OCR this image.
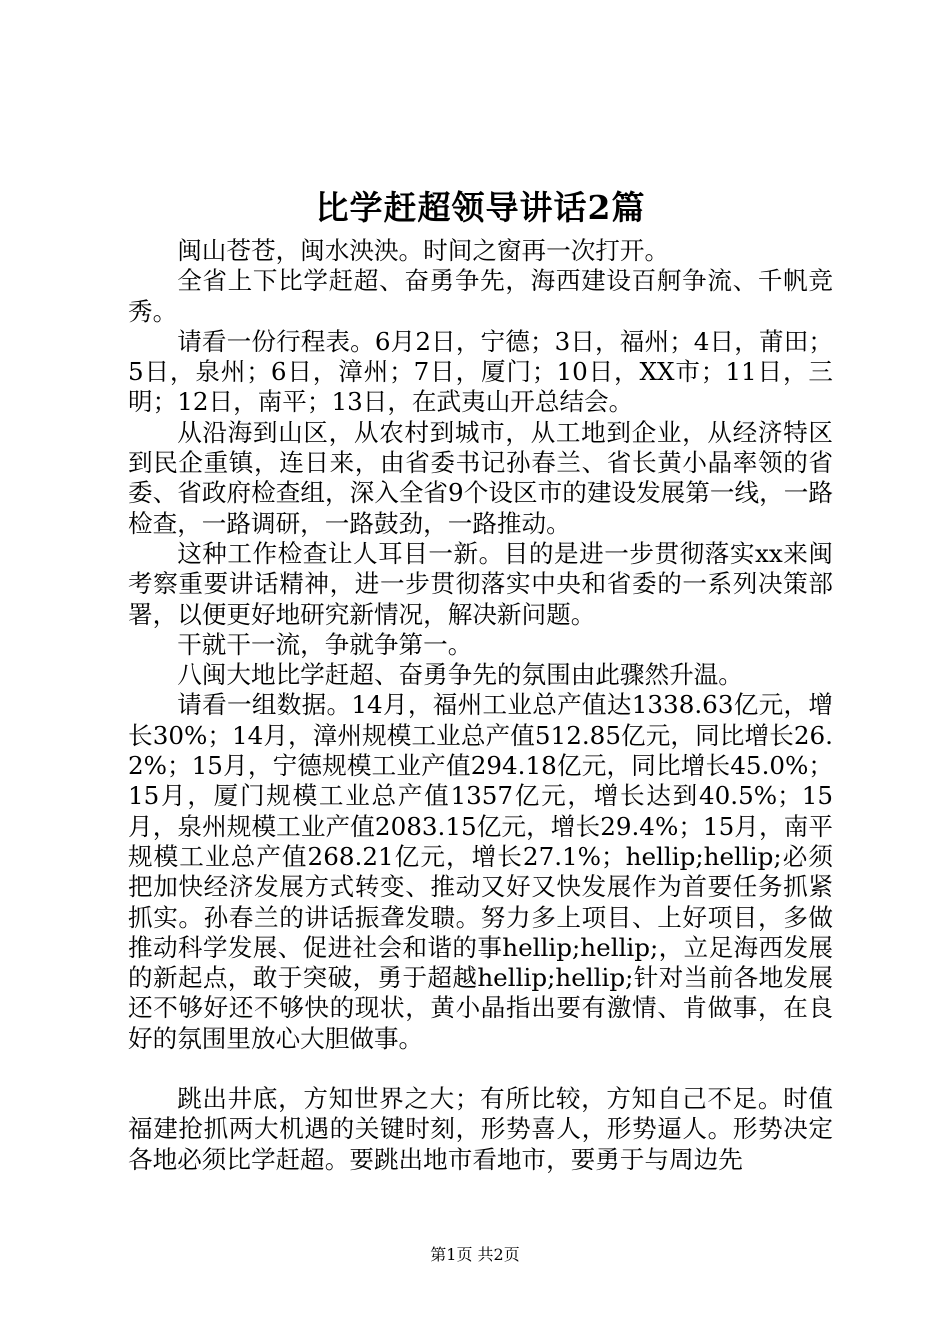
比学赶超领导讲话2篇

闽山苍苍，闽水泱泱。时间之窗再一次打开。

全省上下比学赶超、奋勇争先，海西建设百舸争流、千帆竞秀。

请看一份行程表。6月2日，宁德；3日，福州；4日，莆田；5日，泉州；6日，漳州；7日，厦门；10日，XX市；11日，三明；12日，南平；13日，在武夷山开总结会。

从沿海到山区，从农村到城市，从工地到企业，从经济特区到民企重镇，连日来，由省委书记孙春兰、省长黄小晶率领的省委、省政府检查组，深入全省9个设区市的建设发展第一线，一路检查，一路调研，一路鼓劲，一路推动。

这种工作检查让人耳目一新。目的是进一步贯彻落实xx来闽考察重要讲话精神，进一步贯彻落实中央和省委的一系列决策部署，以便更好地研究新情况，解决新问题。

干就干一流，争就争第一。

八闽大地比学赶超、奋勇争先的氛围由此骤然升温。

请看一组数据。14月，福州工业总产值达1338.63亿元，增长30%；14月，漳州规模工业总产值512.85亿元，同比增长26.2%；15月，宁德规模工业产值294.18亿元，同比增长45.0%；15月，厦门规模工业总产值1357亿元，增长达到40.5%；15月，泉州规模工业产值2083.15亿元，增长29.4%；15月，南平规模工业总产值268.21亿元，增长27.1%；hellip;hellip;必须把加快经济发展方式转变、推动又好又快发展作为首要任务抓紧抓实。孙春兰的讲话振聋发聩。努力多上项目、上好项目，多做推动科学发展、促进社会和谐的事hellip;hellip;，立足海西发展的新起点，敢于突破，勇于超越hellip;hellip;针对当前各地发展还不够好还不够快的现状，黄小晶指出要有激情、肯做事，在良好的氛围里放心大胆做事。

跳出井底，方知世界之大；有所比较，方知自己不足。时值福建抢抓两大机遇的关键时刻，形势喜人，形势逼人。形势决定各地必须比学赶超。要跳出地市看地市，要勇于与周边先

第1页 共2页
